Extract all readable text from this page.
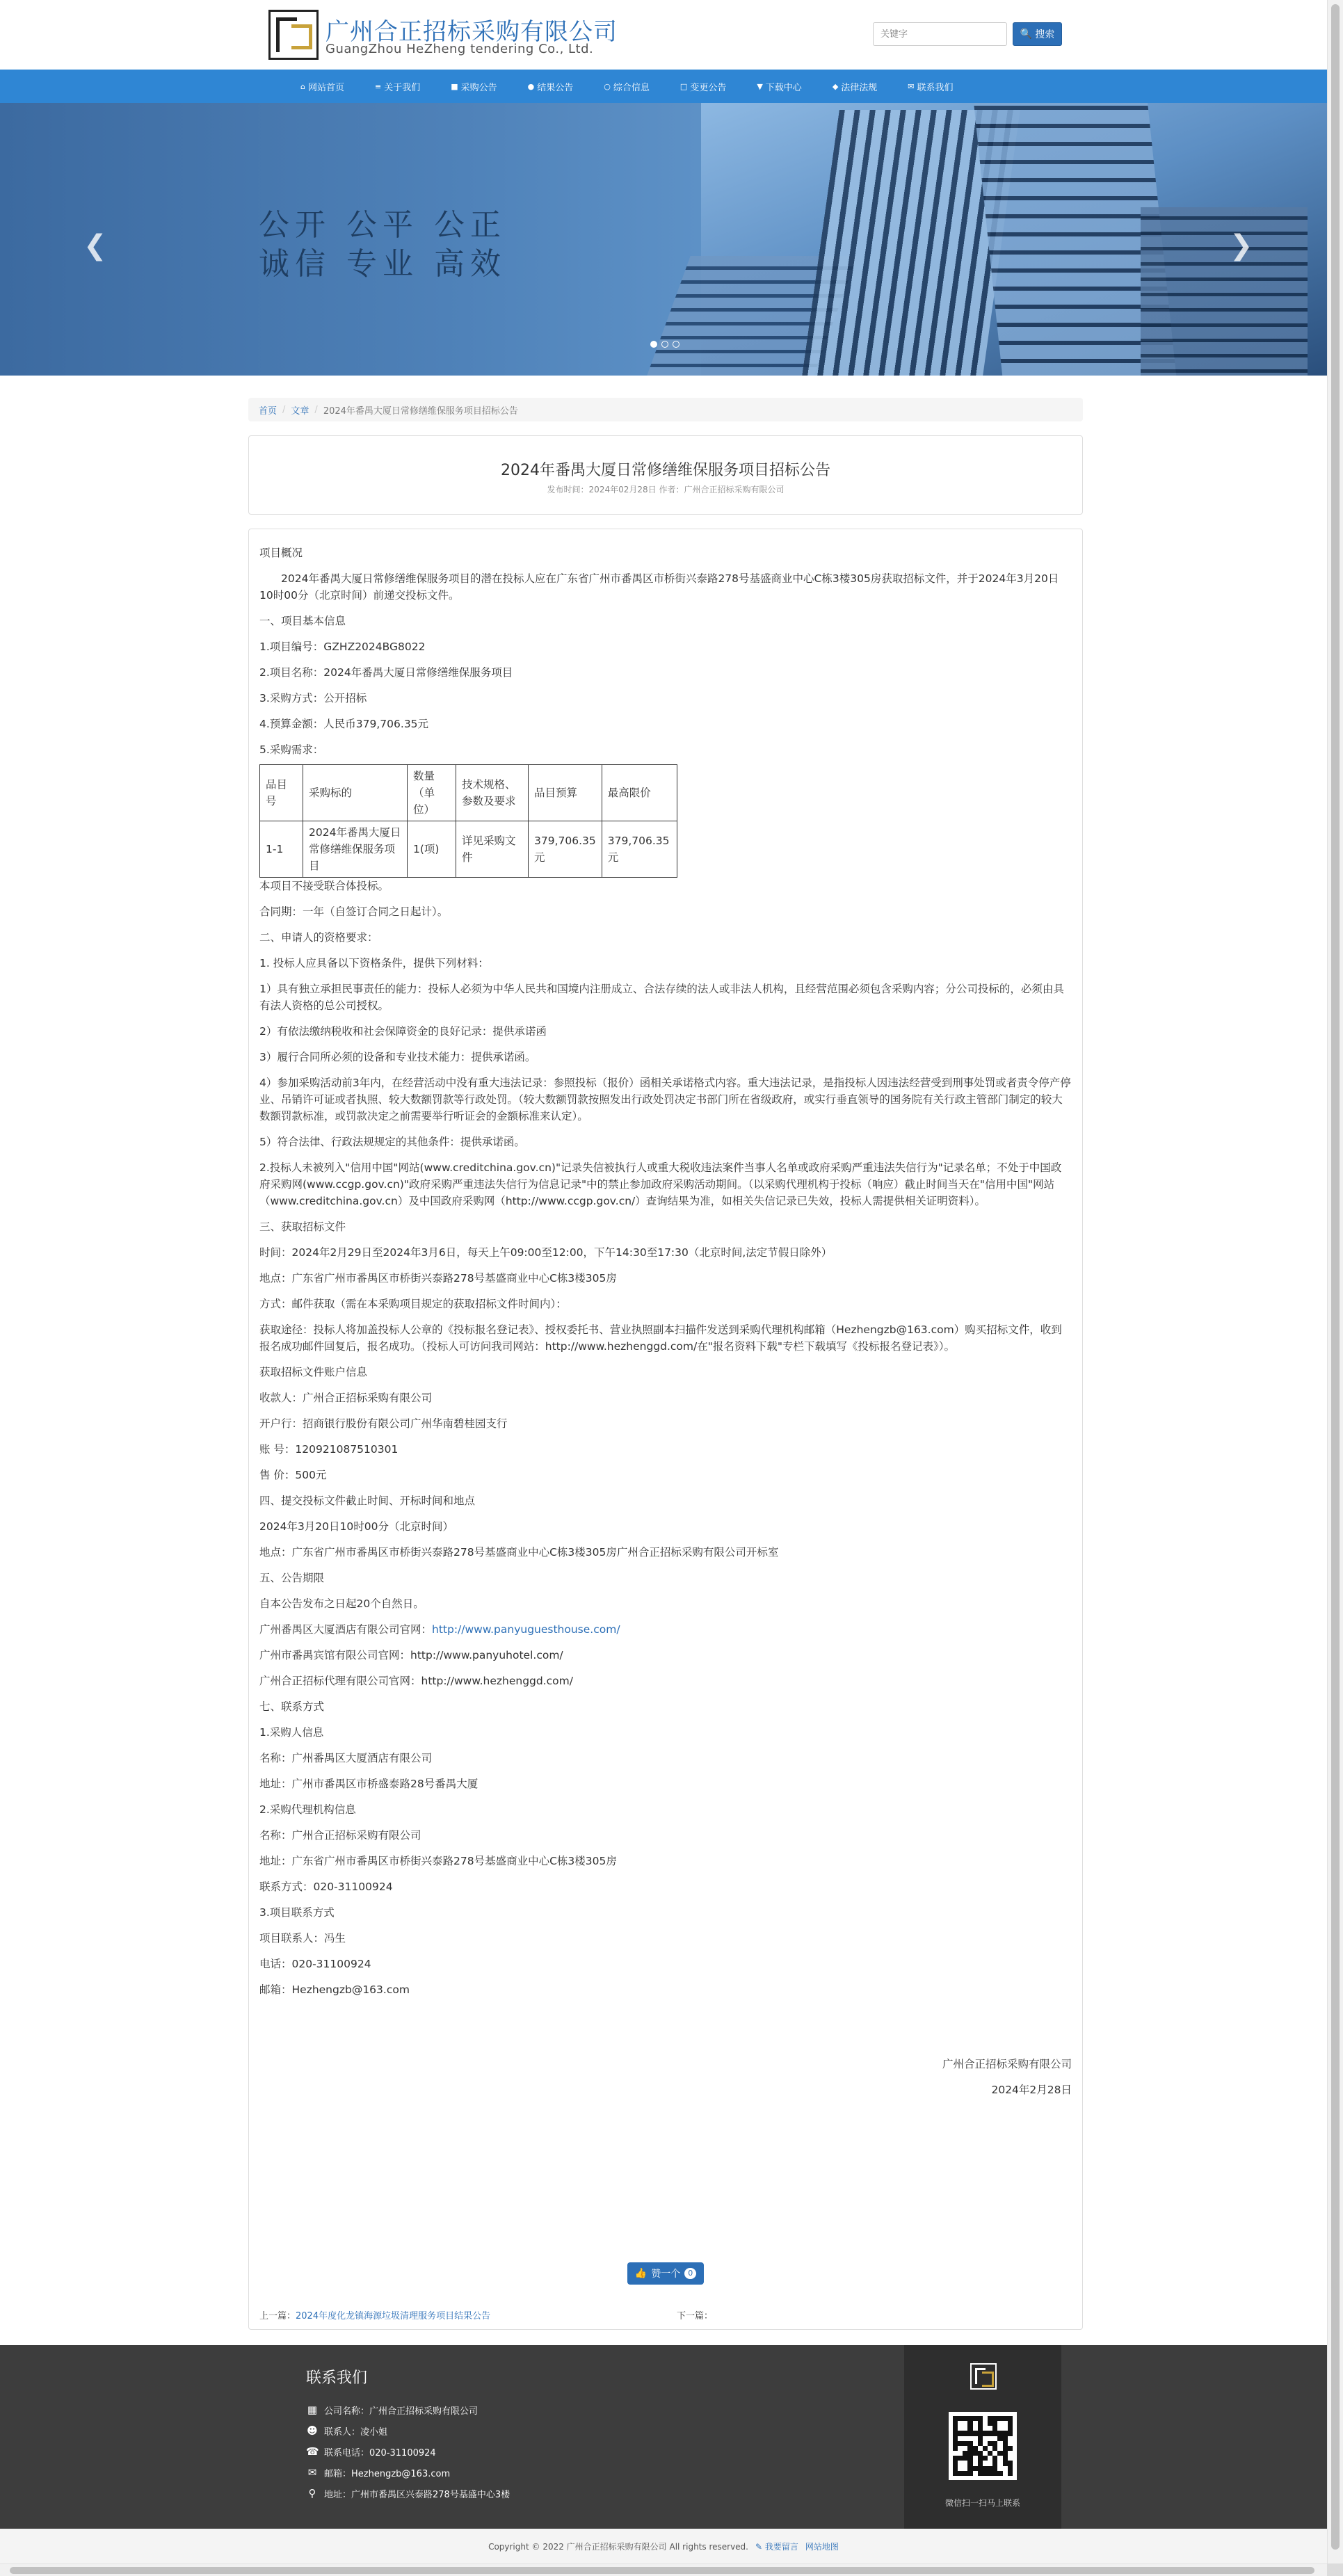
广州合正招标采购有限公司
GuangZhou HeZheng tendering Co., Ltd.
关键字
🔍 搜索
⌂ 网站首页	≡ 关于我们	■ 采购公告	● 结果公告	○ 综合信息	□ 变更公告	▼ 下载中心	◆ 法律法规	✉ 联系我们
公开 公平 公正
诚信 专业 高效
❮	❯
首页 / 文章 / 2024年番禺大厦日常修缮维保服务项目招标公告
2024年番禺大厦日常修缮维保服务项目招标公告
发布时间：2024年02月28日 作者：广州合正招标采购有限公司

项目概况

　　2024年番禺大厦日常修缮维保服务项目的潜在投标人应在广东省广州市番禺区市桥街兴泰路278号基盛商业中心C栋3楼305房获取招标文件，并于2024年3月20日10时00分（北京时间）前递交投标文件。

一、项目基本信息

1.项目编号：GZHZ2024BG8022

2.项目名称：2024年番禺大厦日常修缮维保服务项目

3.采购方式：公开招标

4.预算金额：人民币379,706.35元

5.采购需求：

品目号	采购标的	数量（单位）	技术规格、参数及要求	品目预算	最高限价
1-1	2024年番禺大厦日常修缮维保服务项目	1(项)	详见采购文件	379,706.35元	379,706.35元

本项目不接受联合体投标。

合同期：一年（自签订合同之日起计）。

二、申请人的资格要求：

1. 投标人应具备以下资格条件，提供下列材料：

1）具有独立承担民事责任的能力：投标人必须为中华人民共和国境内注册成立、合法存续的法人或非法人机构，且经营范围必须包含采购内容；分公司投标的，必须由具有法人资格的总公司授权。

2）有依法缴纳税收和社会保障资金的良好记录：提供承诺函

3）履行合同所必须的设备和专业技术能力：提供承诺函。

4）参加采购活动前3年内，在经营活动中没有重大违法记录：参照投标（报价）函相关承诺格式内容。重大违法记录，是指投标人因违法经营受到刑事处罚或者责令停产停业、吊销许可证或者执照、较大数额罚款等行政处罚。（较大数额罚款按照发出行政处罚决定书部门所在省级政府，或实行垂直领导的国务院有关行政主管部门制定的较大数额罚款标准，或罚款决定之前需要举行听证会的金额标准来认定）。

5）符合法律、行政法规规定的其他条件：提供承诺函。

2.投标人未被列入"信用中国"网站(www.creditchina.gov.cn)"记录失信被执行人或重大税收违法案件当事人名单或政府采购严重违法失信行为"记录名单；不处于中国政府采购网(www.ccgp.gov.cn)"政府采购严重违法失信行为信息记录"中的禁止参加政府采购活动期间。（以采购代理机构于投标（响应）截止时间当天在"信用中国"网站（www.creditchina.gov.cn）及中国政府采购网（http://www.ccgp.gov.cn/）查询结果为准，如相关失信记录已失效，投标人需提供相关证明资料）。

三、获取招标文件

时间：2024年2月29日至2024年3月6日，每天上午09:00至12:00，下午14:30至17:30（北京时间,法定节假日除外）

地点：广东省广州市番禺区市桥街兴泰路278号基盛商业中心C栋3楼305房

方式：邮件获取（需在本采购项目规定的获取招标文件时间内）：

获取途径：投标人将加盖投标人公章的《投标报名登记表》、授权委托书、营业执照副本扫描件发送到采购代理机构邮箱（Hezhengzb@163.com）购买招标文件，收到报名成功邮件回复后，报名成功。（投标人可访问我司网站：http://www.hezhenggd.com/在"报名资料下载"专栏下载填写《投标报名登记表》）。

获取招标文件账户信息

收款人：广州合正招标采购有限公司

开户行：招商银行股份有限公司广州华南碧桂园支行

账 号：120921087510301

售 价：500元

四、提交投标文件截止时间、开标时间和地点

2024年3月20日10时00分（北京时间）

地点：广东省广州市番禺区市桥街兴泰路278号基盛商业中心C栋3楼305房广州合正招标采购有限公司开标室

五、公告期限

自本公告发布之日起20个自然日。

广州番禺区大厦酒店有限公司官网：http://www.panyuguesthouse.com/

广州市番禺宾馆有限公司官网：http://www.panyuhotel.com/

广州合正招标代理有限公司官网：http://www.hezhenggd.com/

七、联系方式

1.采购人信息

名称：广州番禺区大厦酒店有限公司

地址：广州市番禺区市桥盛泰路28号番禺大厦

2.采购代理机构信息

名称：广州合正招标采购有限公司

地址：广东省广州市番禺区市桥街兴泰路278号基盛商业中心C栋3楼305房

联系方式：020-31100924

3.项目联系方式

项目联系人：冯生

电话：020-31100924

邮箱：Hezhengzb@163.com

广州合正招标采购有限公司

2024年2月28日

👍 赞一个	0
上一篇：2024年度化龙镇海源垃圾清理服务项目结果公告	下一篇：
联系我们
▦ 公司名称：广州合正招标采购有限公司
☻ 联系人：凌小姐
☎ 联系电话：020-31100924
✉ 邮箱：Hezhengzb@163.com
⚲ 地址：广州市番禺区兴泰路278号基盛中心3楼
微信扫一扫马上联系
Copyright © 2022 广州合正招标采购有限公司 All rights reserved. ✎ 我要留言 网站地图
